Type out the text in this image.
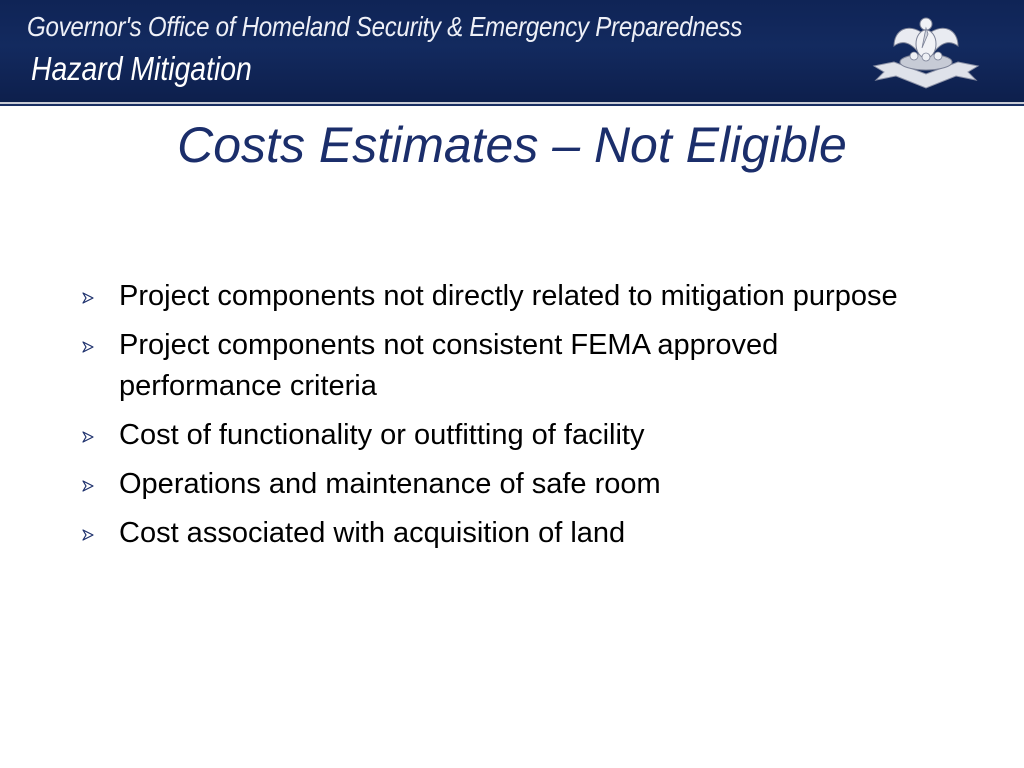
Governor's Office of Homeland Security & Emergency Preparedness
Hazard Mitigation
Costs Estimates – Not Eligible
Project components not directly related to mitigation purpose
Project components not consistent FEMA approved performance criteria
Cost of functionality or outfitting of facility
Operations and maintenance of safe room
Cost associated with acquisition of land
